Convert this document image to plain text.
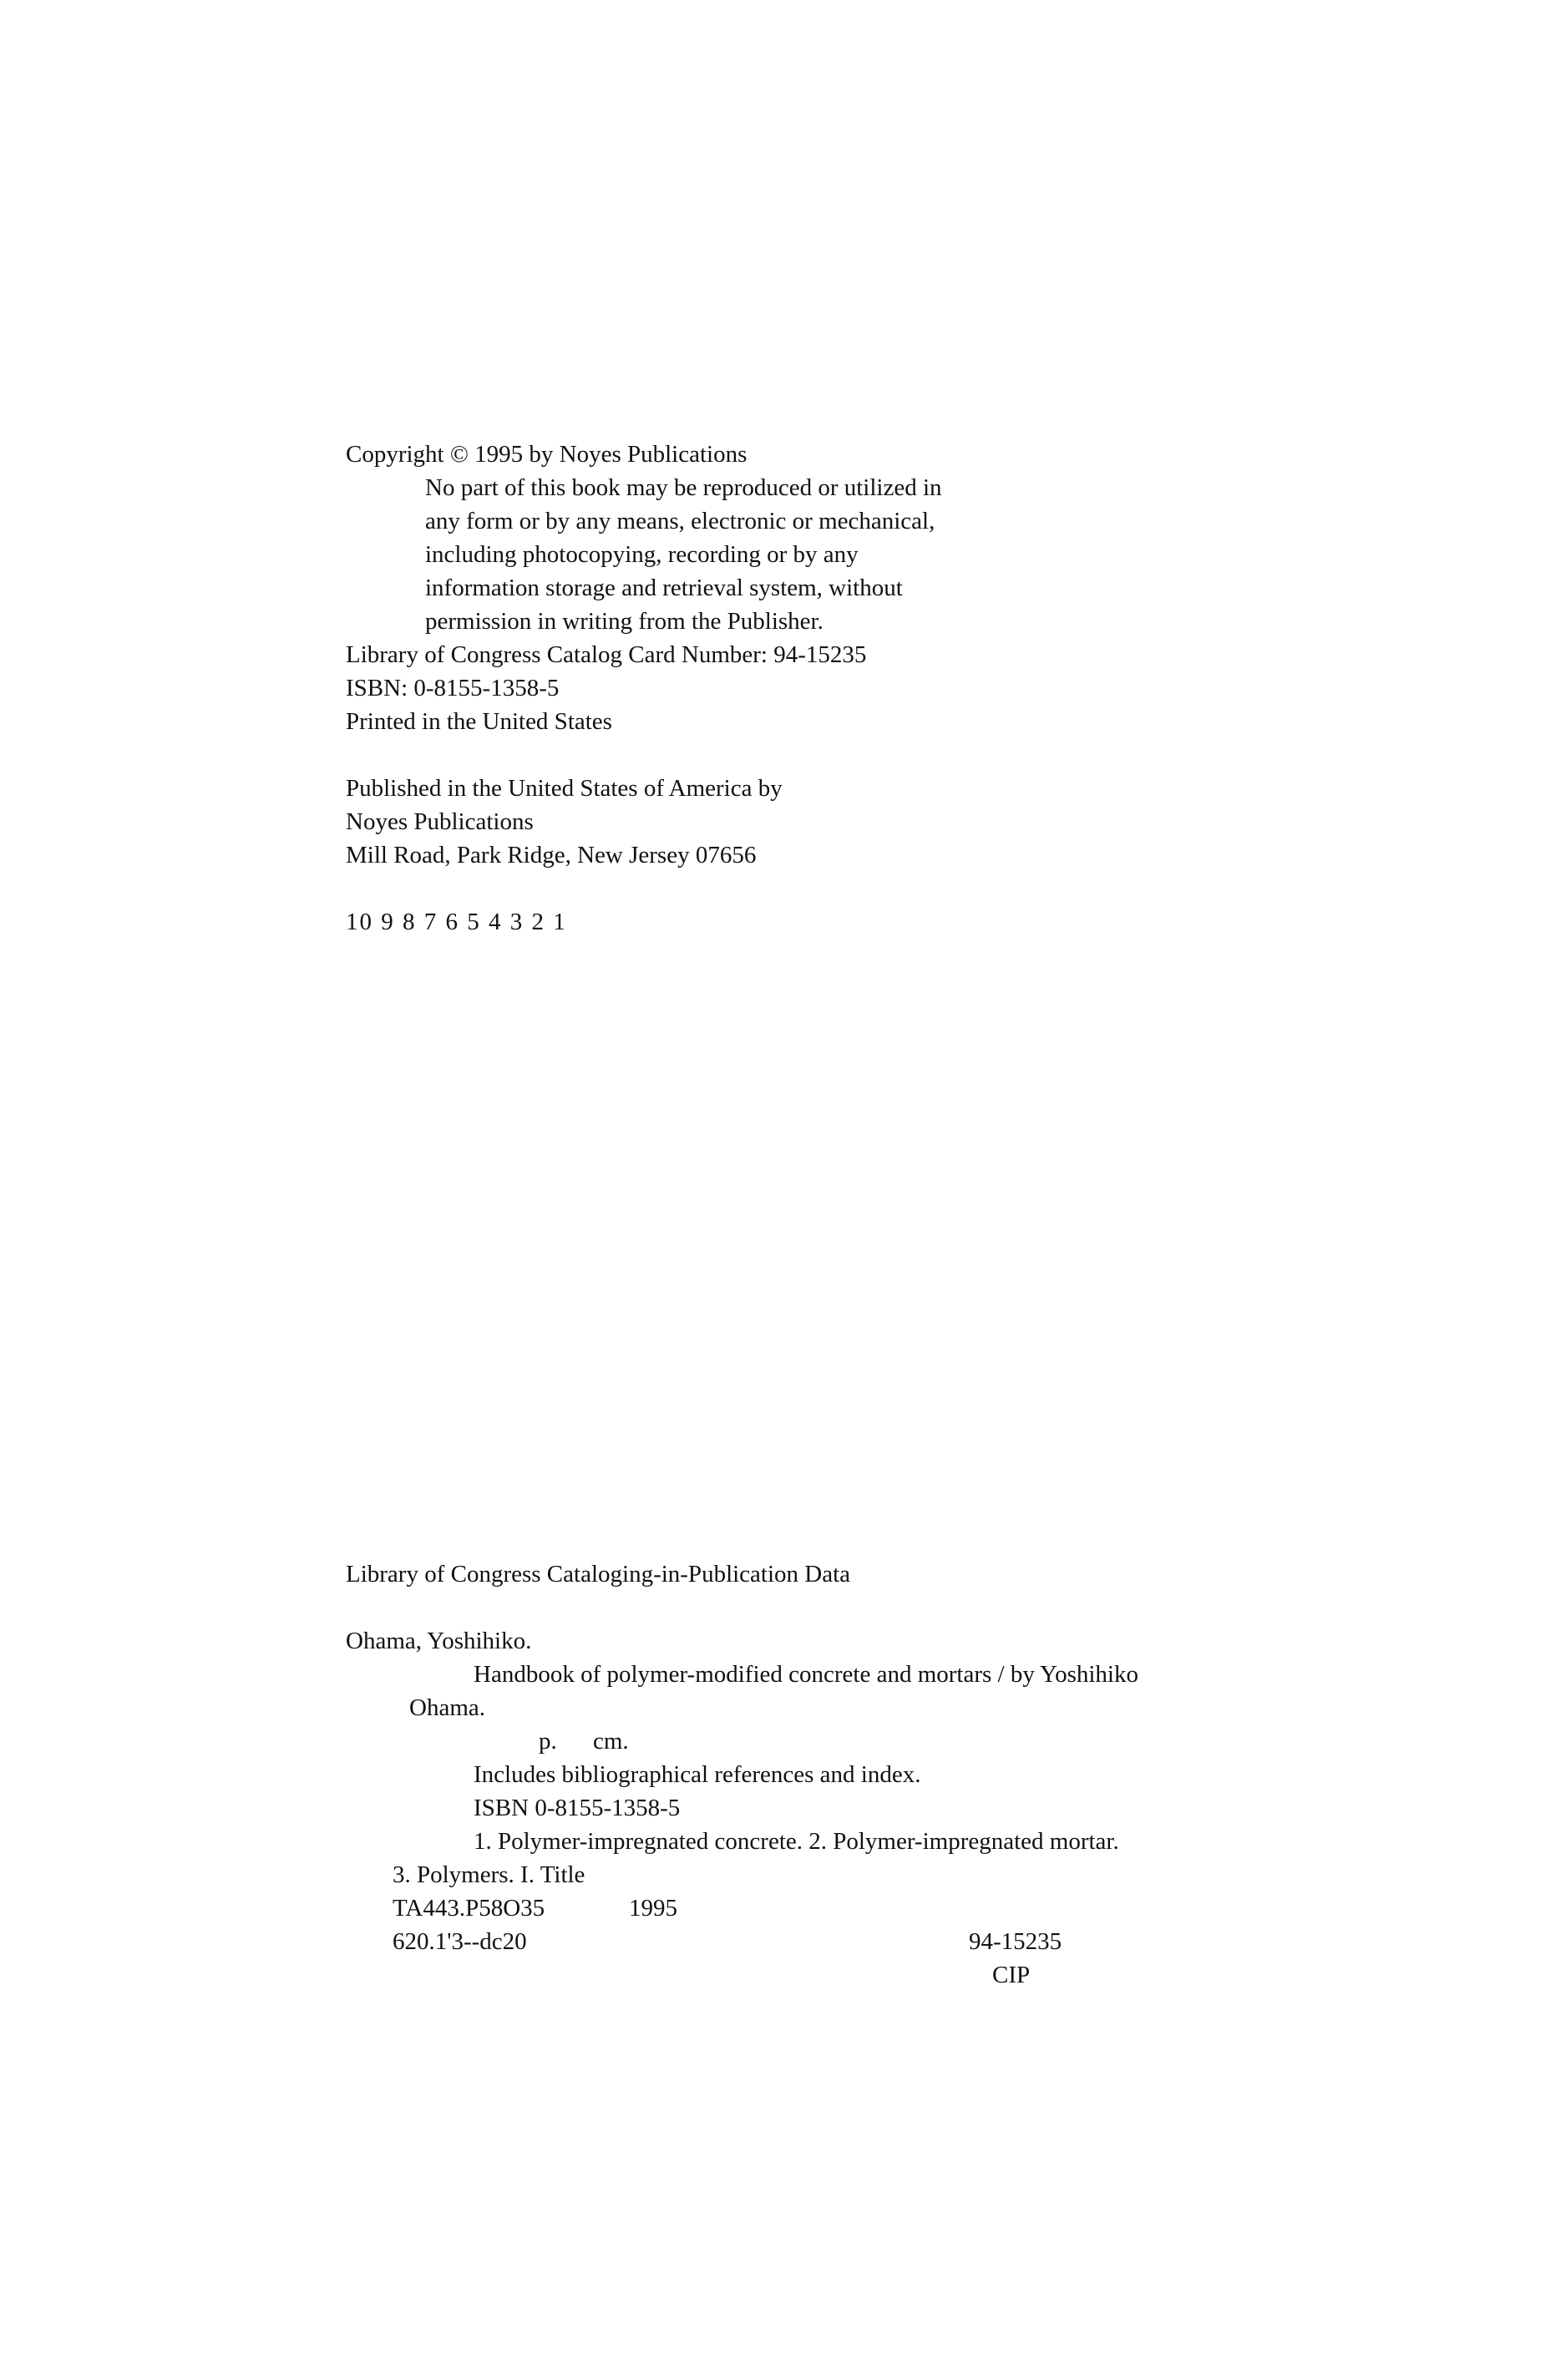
Copyright © 1995 by Noyes Publications
No part of this book may be reproduced or utilized in
any form or by any means, electronic or mechanical,
including photocopying, recording or by any
information storage and retrieval system, without
permission in writing from the Publisher.
Library of Congress Catalog Card Number: 94-15235
ISBN: 0-8155-1358-5
Printed in the United States
Published in the United States of America by
Noyes Publications
Mill Road, Park Ridge, New Jersey 07656
10 9 8 7 6 5 4 3 2 1
Library of Congress Cataloging-in-Publication Data
Ohama, Yoshihiko.
Handbook of polymer-modified concrete and mortars / by Yoshihiko
Ohama.
p. cm.
Includes bibliographical references and index.
ISBN 0-8155-1358-5
1. Polymer-impregnated concrete. 2. Polymer-impregnated mortar.
3. Polymers. I. Title
TA443.P58O35	1995
620.1'3--dc20	94-15235
CIP
